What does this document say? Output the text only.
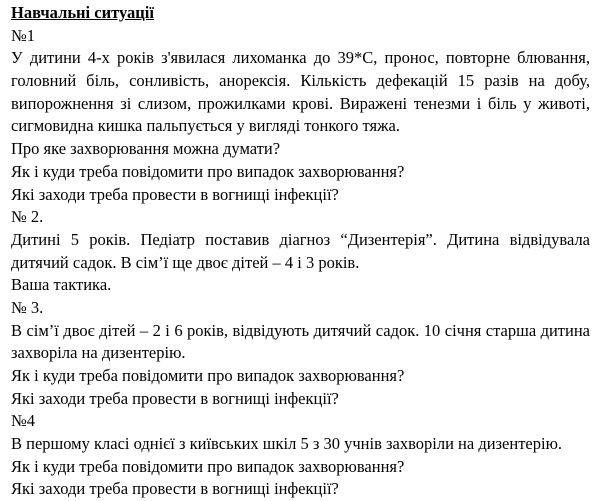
Навчальні ситуації

№1

У дитини 4-х років з'явилася лихоманка до 39*С, пронос, повторне блювання, головний біль, сонливість, анорексія. Кількість дефекацій 15 разів на добу, випорожнення зі слизом, прожилками крові. Виражені тенезми і біль у животі, сигмовидна кишка пальпується у вигляді тонкого тяжа.

Про яке захворювання можна думати?

Як і куди треба повідомити про випадок захворювання?

Які заходи треба провести в вогнищі інфекції?

№ 2.

Дитині 5 років. Педіатр поставив діагноз “Дизентерія”. Дитина відвідувала дитячий садок. В сім’ї ще двоє дітей – 4 і 3 років.

Ваша тактика.

№ 3.

В сім’ї двоє дітей – 2 і 6 років, відвідують дитячий садок. 10 січня старша дитина захворіла на дизентерію.

Як і куди треба повідомити про випадок захворювання?

Які заходи треба провести в вогнищі інфекції?

№4

В першому класі однієї з київських шкіл 5 з 30 учнів захворіли на дизентерію.

Як і куди треба повідомити про випадок захворювання?

Які заходи треба провести в вогнищі інфекції?
